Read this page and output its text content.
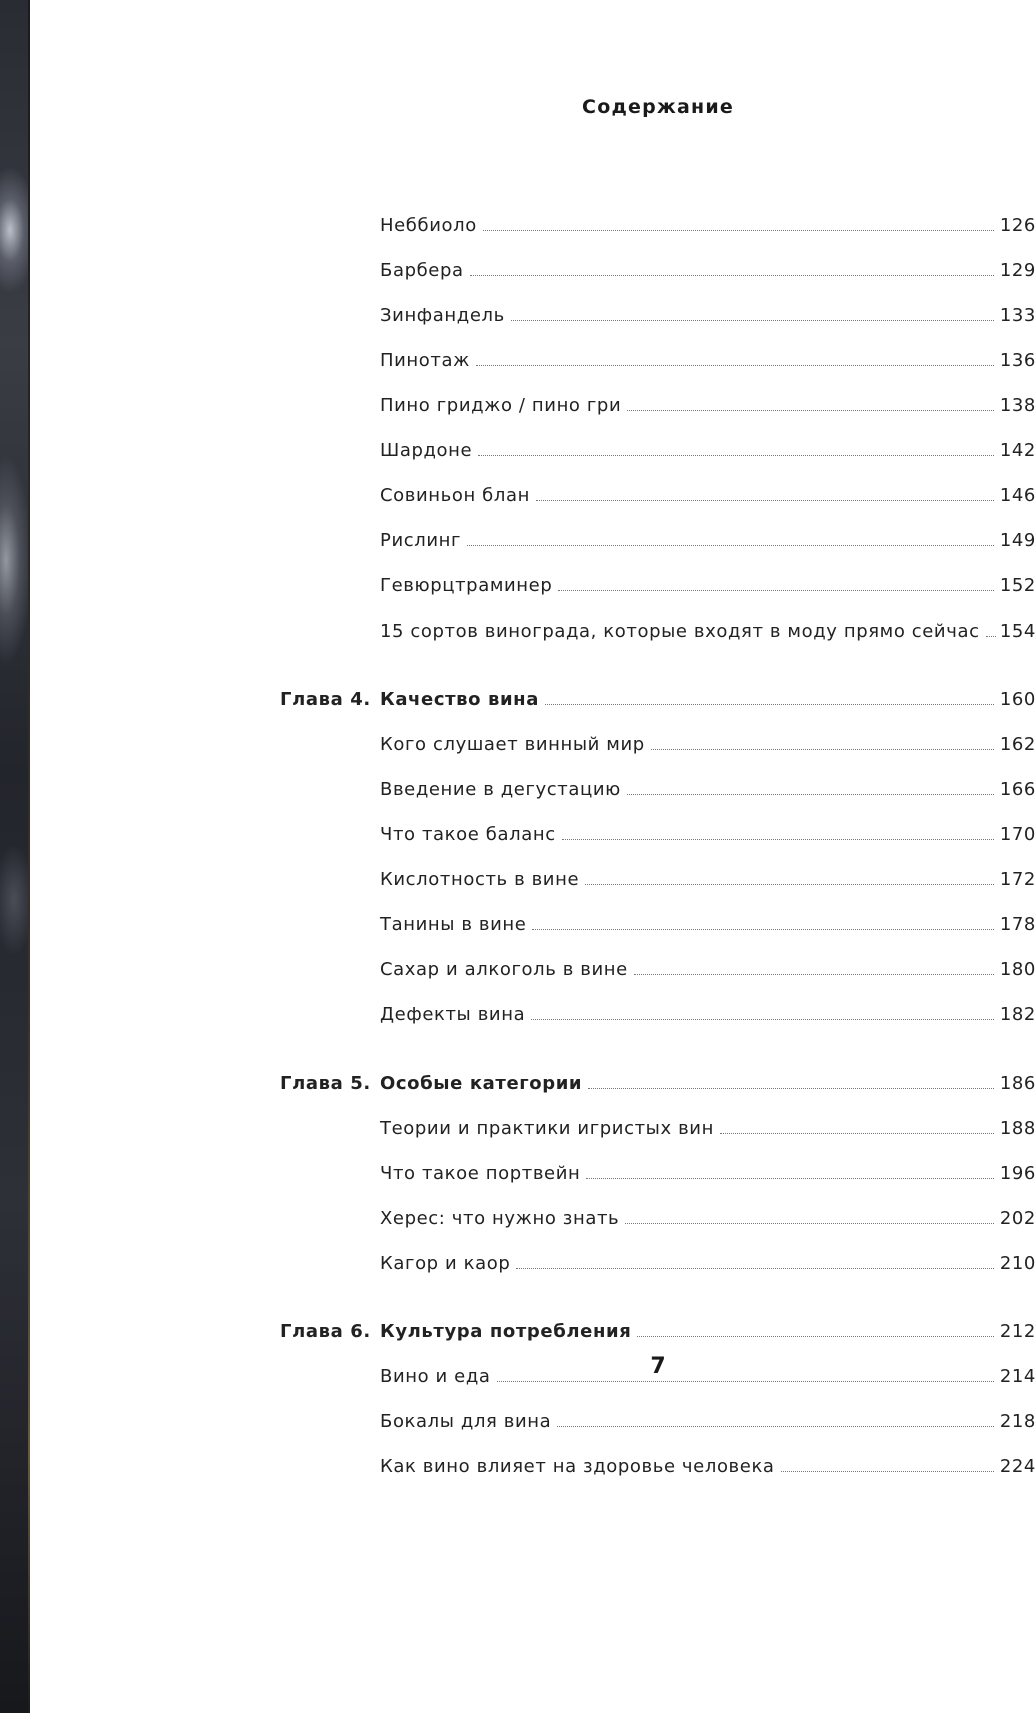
Содержание
Неббиоло	126
Барбера	129
Зинфандель	133
Пинотаж	136
Пино гриджо / пино гри	138
Шардоне	142
Совиньон блан	146
Рислинг	149
Гевюрцтраминер	152
15 сортов винограда, которые входят в моду прямо сейчас	154
Глава 4. Качество вина	160
Кого слушает винный мир	162
Введение в дегустацию	166
Что такое баланс	170
Кислотность в вине	172
Танины в вине	178
Сахар и алкоголь в вине	180
Дефекты вина	182
Глава 5. Особые категории	186
Теории и практики игристых вин	188
Что такое портвейн	196
Херес: что нужно знать	202
Кагор и каор	210
Глава 6. Культура потребления	212
Вино и еда	214
Бокалы для вина	218
Как вино влияет на здоровье человека	224
7
